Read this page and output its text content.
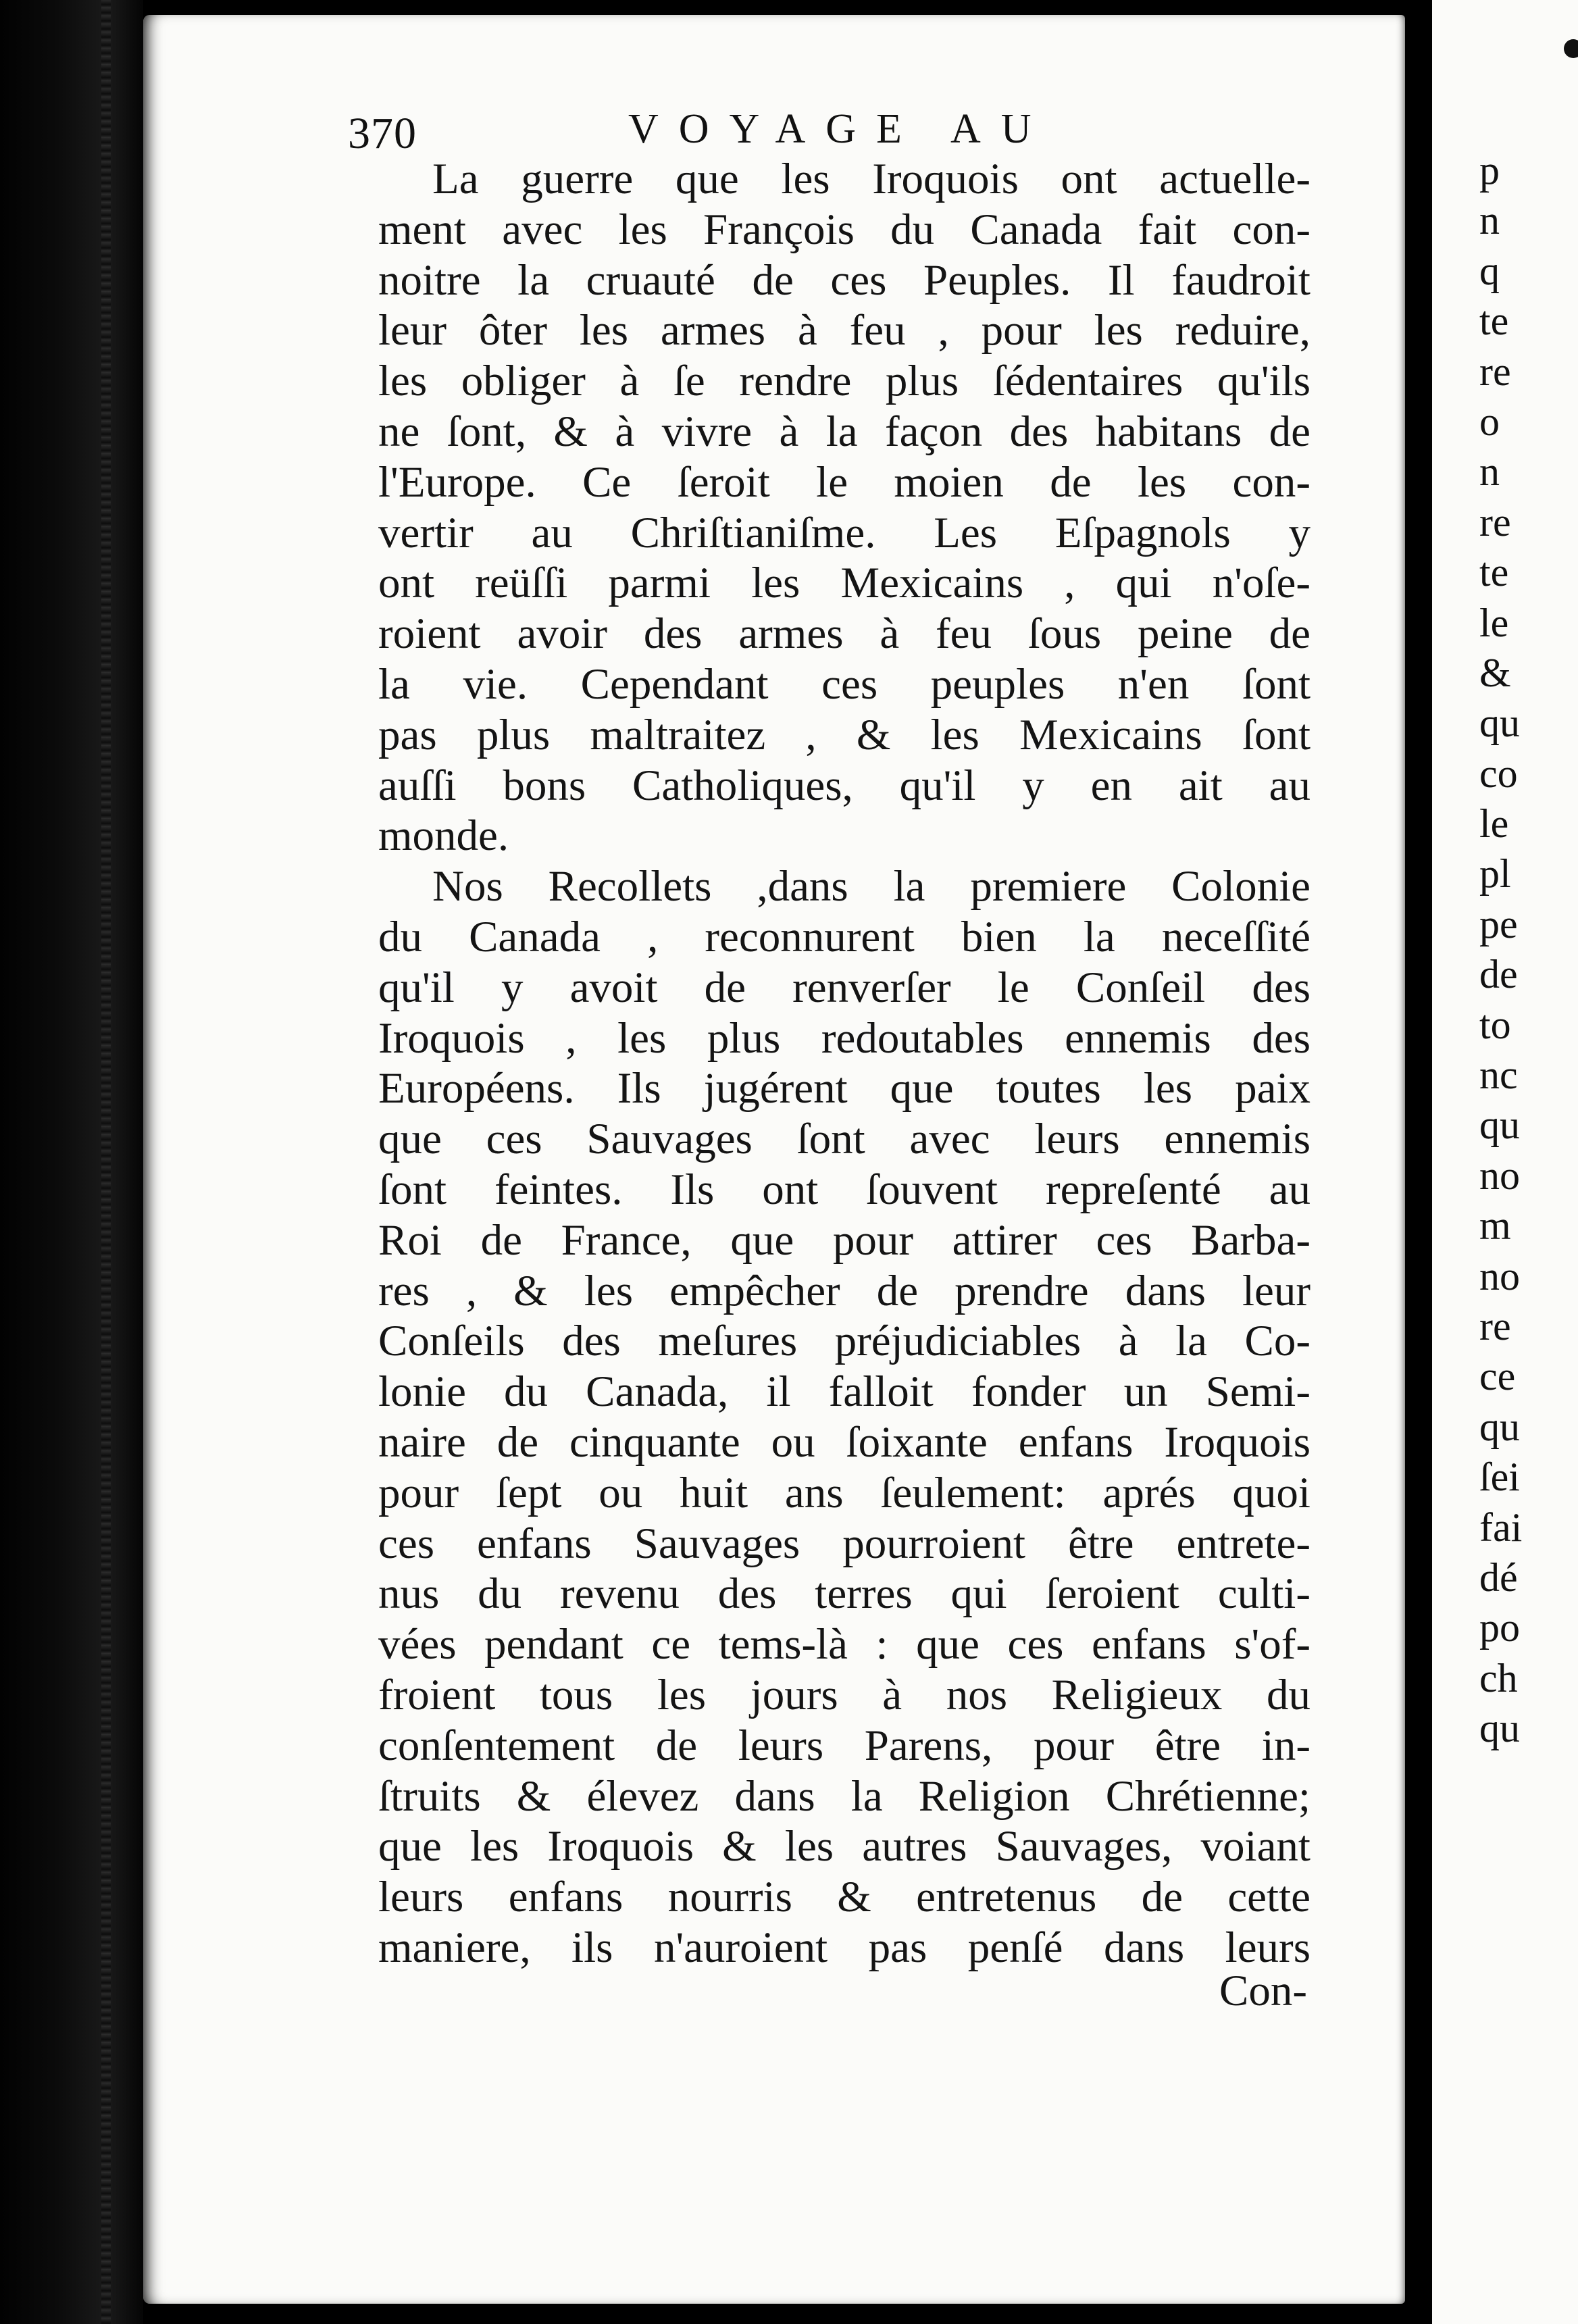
p
n
q
te
re
o
n
re
te
le
&
qu
co
le
pl
pe
de
to
nc
qu
no
m
no
re
ce
qu
ſei
fai
dé
po
ch
qu
370	VOYAGE AU
La guerre que les Iroquois ont actuelle-
ment avec les François du Canada fait con-
noitre la cruauté de ces Peuples. Il faudroit
leur ôter les armes à feu , pour les reduire,
les obliger à ſe rendre plus ſédentaires qu'ils
ne ſont, & à vivre à la façon des habitans de
l'Europe. Ce ſeroit le moien de les con-
vertir au Chriſtianiſme. Les Eſpagnols y
ont reüſſi parmi les Mexicains , qui n'oſe-
roient avoir des armes à feu ſous peine de
la vie. Cependant ces peuples n'en ſont
pas plus maltraitez , & les Mexicains ſont
auſſi bons Catholiques, qu'il y en ait au
monde.
Nos Recollets ,dans la premiere Colonie
du Canada , reconnurent bien la neceſſité
qu'il y avoit de renverſer le Conſeil des
Iroquois , les plus redoutables ennemis des
Européens. Ils jugérent que toutes les paix
que ces Sauvages ſont avec leurs ennemis
ſont feintes. Ils ont ſouvent repreſenté au
Roi de France, que pour attirer ces Barba-
res , & les empêcher de prendre dans leur
Conſeils des meſures préjudiciables à la Co-
lonie du Canada, il falloit fonder un Semi-
naire de cinquante ou ſoixante enfans Iroquois
pour ſept ou huit ans ſeulement: aprés quoi
ces enfans Sauvages pourroient être entrete-
nus du revenu des terres qui ſeroient culti-
vées pendant ce tems-là : que ces enfans s'of-
froient tous les jours à nos Religieux du
conſentement de leurs Parens, pour être in-
ſtruits & élevez dans la Religion Chrétienne;
que les Iroquois & les autres Sauvages, voiant
leurs enfans nourris & entretenus de cette
maniere, ils n'auroient pas penſé dans leurs
Con-
